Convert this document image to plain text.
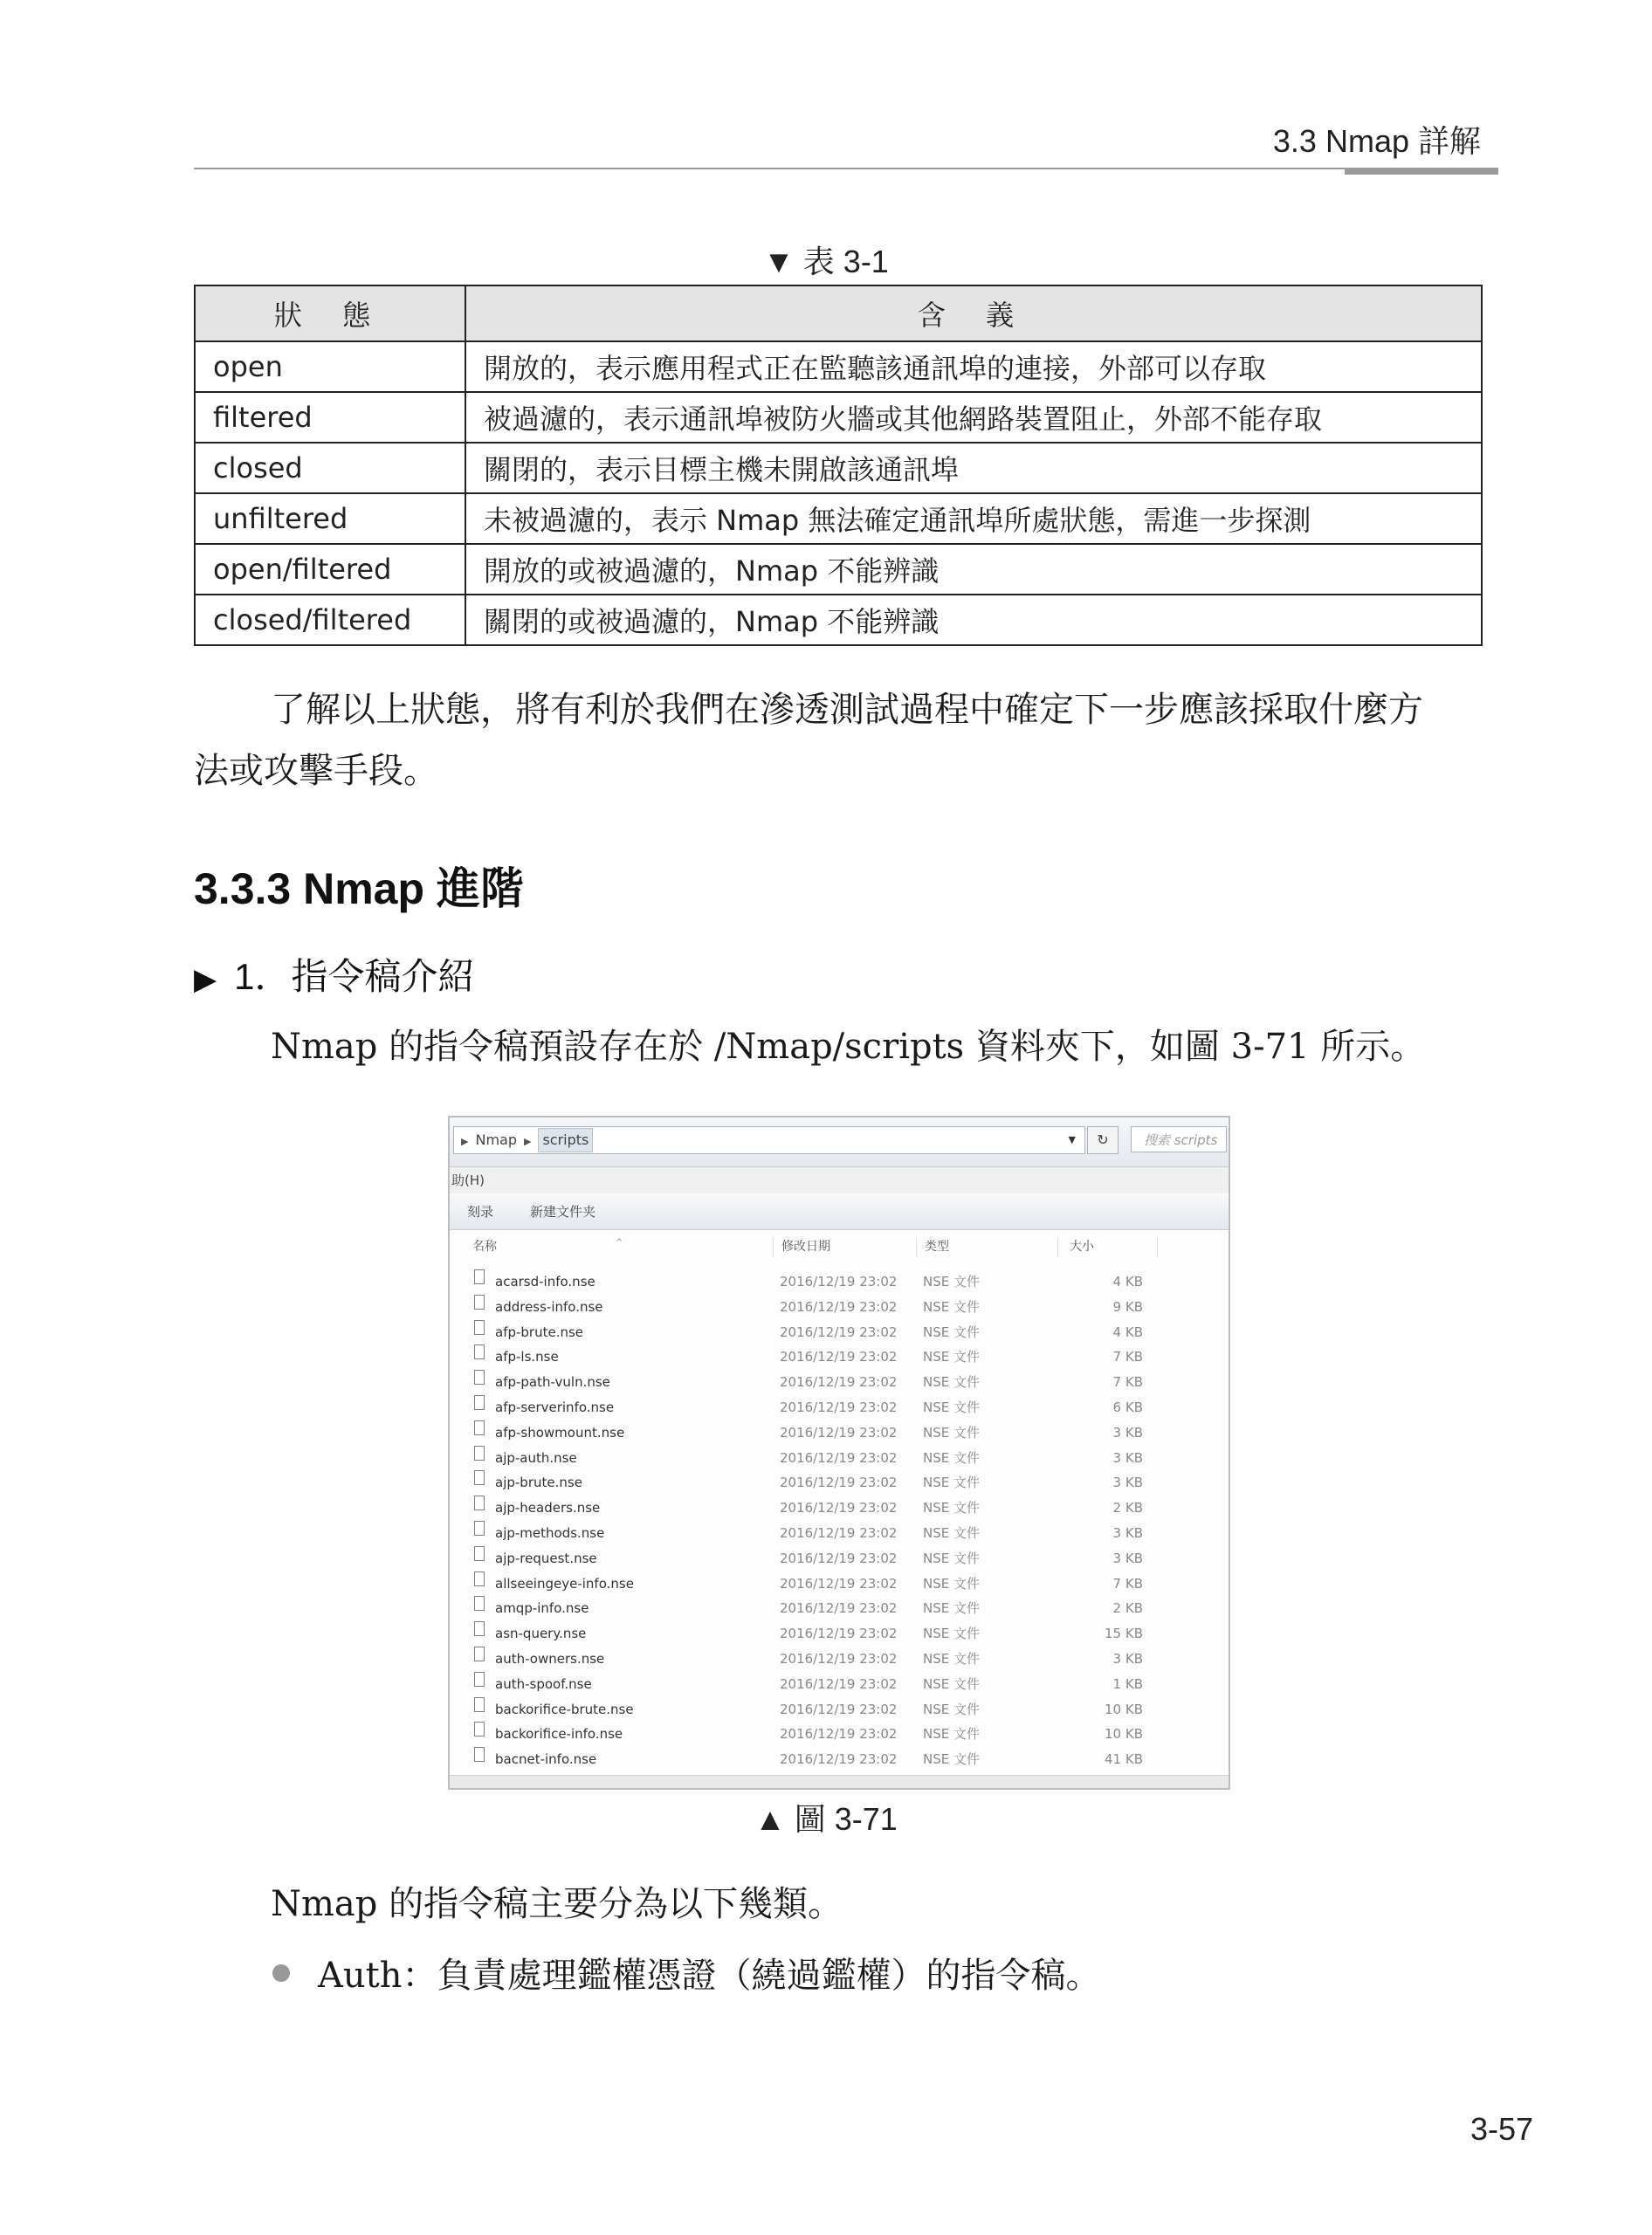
3.3 Nmap 詳解
▼ 表 3-1
狀 態	含 義
open	開放的，表示應用程式正在監聽該通訊埠的連接，外部可以存取
filtered	被過濾的，表示通訊埠被防火牆或其他網路裝置阻止，外部不能存取
closed	關閉的，表示目標主機未開啟該通訊埠
unfiltered	未被過濾的，表示 Nmap 無法確定通訊埠所處狀態，需進一步探測
open/filtered	開放的或被過濾的，Nmap 不能辨識
closed/filtered	關閉的或被過濾的，Nmap 不能辨識
了解以上狀態，將有利於我們在滲透測試過程中確定下一步應該採取什麼方
法或攻擊手段。
3.3.3 Nmap 進階
▶ 1．指令稿介紹
Nmap 的指令稿預設存在於 /Nmap/scripts 資料夾下，如圖 3-71 所示。
▶ Nmap ▶ scripts	▼	↻	搜索 scripts
助(H)
刻录	新建文件夹
^
名称	修改日期	类型	大小
acarsd-info.nse	2016/12/19 23:02 NSE 文件	4 KB
address-info.nse	2016/12/19 23:02 NSE 文件	9 KB
afp-brute.nse	2016/12/19 23:02 NSE 文件	4 KB
afp-ls.nse	2016/12/19 23:02 NSE 文件	7 KB
afp-path-vuln.nse	2016/12/19 23:02 NSE 文件	7 KB
afp-serverinfo.nse	2016/12/19 23:02 NSE 文件	6 KB
afp-showmount.nse	2016/12/19 23:02 NSE 文件	3 KB
ajp-auth.nse	2016/12/19 23:02 NSE 文件	3 KB
ajp-brute.nse	2016/12/19 23:02 NSE 文件	3 KB
ajp-headers.nse	2016/12/19 23:02 NSE 文件	2 KB
ajp-methods.nse	2016/12/19 23:02 NSE 文件	3 KB
ajp-request.nse	2016/12/19 23:02 NSE 文件	3 KB
allseeingeye-info.nse	2016/12/19 23:02 NSE 文件	7 KB
amqp-info.nse	2016/12/19 23:02 NSE 文件	2 KB
asn-query.nse	2016/12/19 23:02 NSE 文件	15 KB
auth-owners.nse	2016/12/19 23:02 NSE 文件	3 KB
auth-spoof.nse	2016/12/19 23:02 NSE 文件	1 KB
backorifice-brute.nse	2016/12/19 23:02 NSE 文件	10 KB
backorifice-info.nse	2016/12/19 23:02 NSE 文件	10 KB
bacnet-info.nse	2016/12/19 23:02 NSE 文件	41 KB
▲ 圖 3-71
Nmap 的指令稿主要分為以下幾類。
Auth：負責處理鑑權憑證（繞過鑑權）的指令稿。
3-57
